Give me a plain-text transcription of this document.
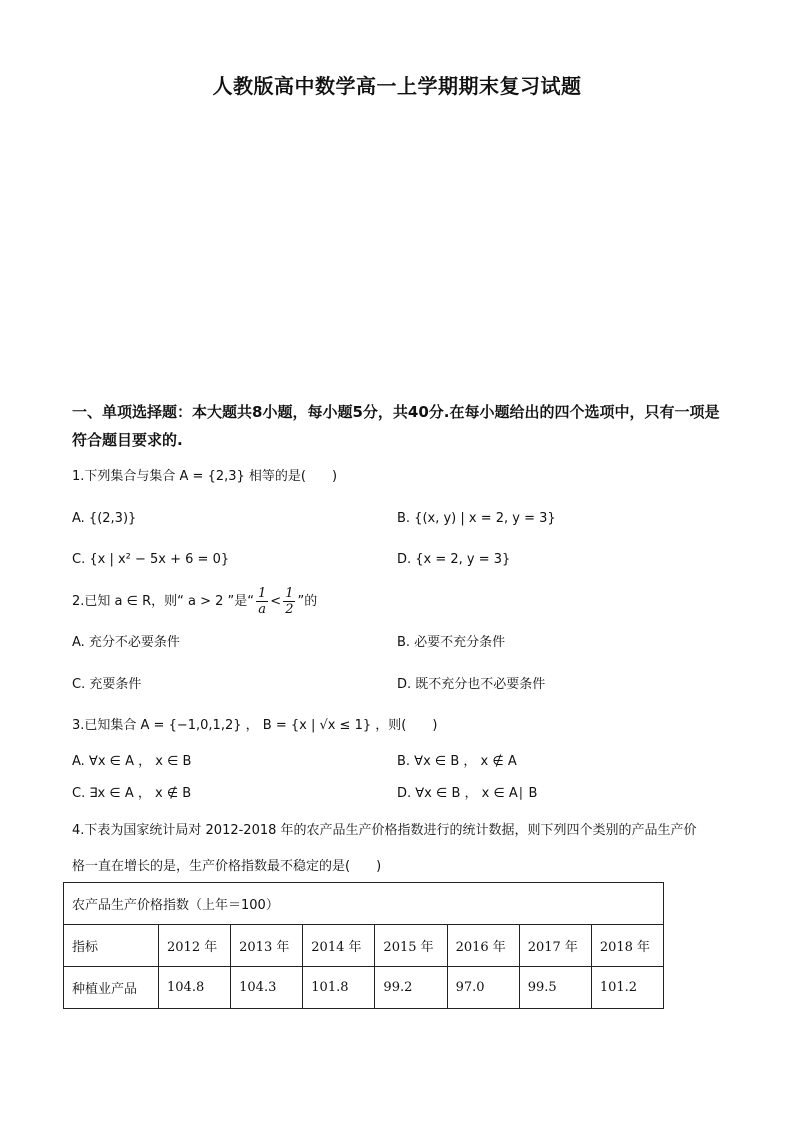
人教版高中数学高一上学期期末复习试题
一、单项选择题：本大题共8小题，每小题5分，共40分.在每小题给出的四个选项中，只有一项是符合题目要求的.
1.下列集合与集合 A = {2,3} 相等的是(　　)
A. {(2,3)}	B. {(x, y) | x = 2, y = 3}
C. {x | x² − 5x + 6 = 0}	D. {x = 2, y = 3}
2.已知 a ∈ R，则“ a > 2 ”是“ $\frac{1}{a} < \frac{1}{2}$ ”的
A. 充分不必要条件	B. 必要不充分条件
C. 充要条件	D. 既不充分也不必要条件
3.已知集合 A = {−1,0,1,2} ， B = {x | √x ≤ 1} ，则(　　)
A. ∀x ∈ A ， x ∈ B	B. ∀x ∈ B ， x ∉ A
C. ∃x ∈ A ， x ∉ B	D. ∀x ∈ B ， x ∈ A∣ B
4.下表为国家统计局对 2012-2018 年的农产品生产价格指数进行的统计数据，则下列四个类别的产品生产价
格一直在增长的是，生产价格指数最不稳定的是(　　)
农产品生产价格指数（上年＝100）							
指标	2012 年	2013 年	2014 年	2015 年	2016 年	2017 年	2018 年
种植业产品	104.8	104.3	101.8	99.2	97.0	99.5	101.2
